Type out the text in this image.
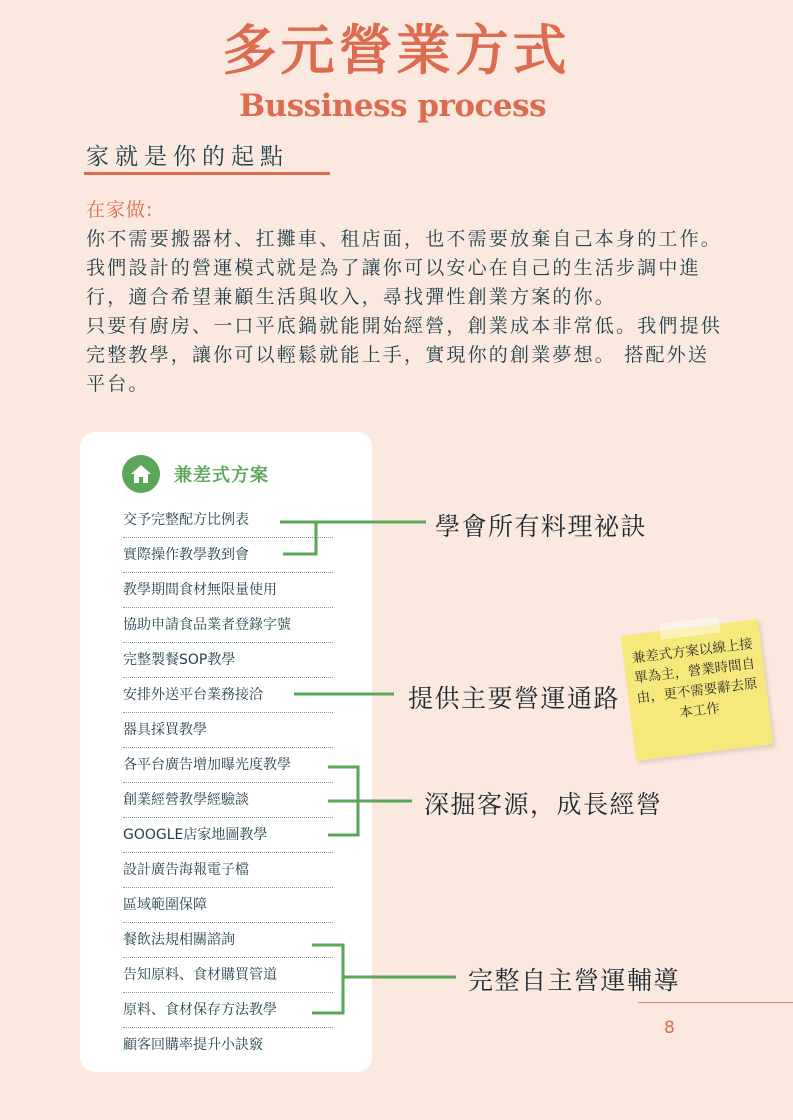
多元營業方式
Bussiness process
家就是你的起點
在家做:

你不需要搬器材、扛攤車、租店面，也不需要放棄自己本身的工作。

我們設計的營運模式就是為了讓你可以安心在自己的生活步調中進行，適合希望兼顧生活與收入，尋找彈性創業方案的你。

只要有廚房、一口平底鍋就能開始經營，創業成本非常低。我們提供完整教學，讓你可以輕鬆就能上手，實現你的創業夢想。 搭配外送平台。

兼差式方案
交予完整配方比例表
實際操作教學教到會
教學期間食材無限量使用
協助申請食品業者登錄字號
完整製餐SOP教學
安排外送平台業務接洽
器具採買教學
各平台廣告增加曝光度教學
創業經營教學經驗談
GOOGLE店家地圖教學
設計廣告海報電子檔
區域範圍保障
餐飲法規相關諮詢
告知原料、食材購買管道
原料、食材保存方法教學
顧客回購率提升小訣竅
學會所有料理祕訣
提供主要營運通路
深掘客源，成長經營
完整自主營運輔導
兼差式方案以線上接單為主，營業時間自由，更不需要辭去原本工作
8
